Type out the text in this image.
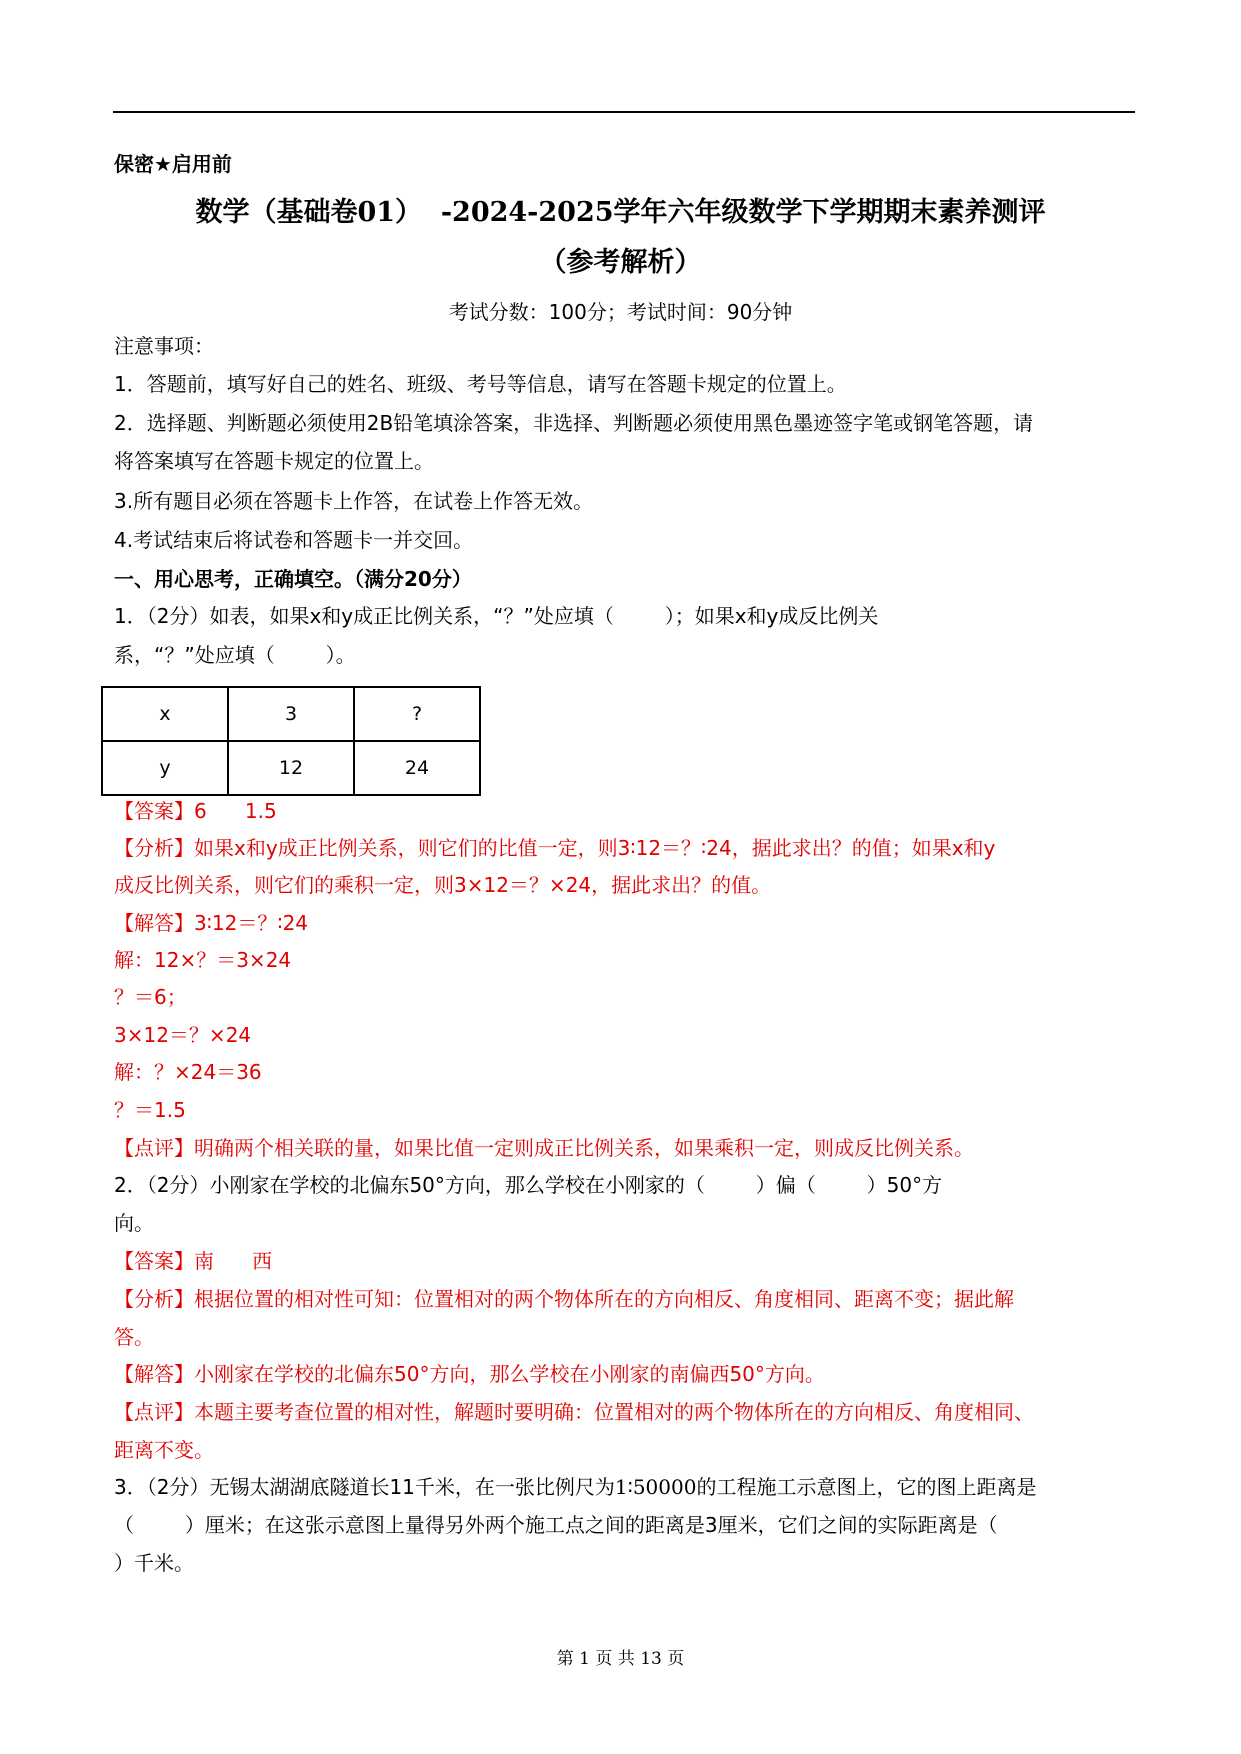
保密★启用前
数学（基础卷01）  -2024-2025学年六年级数学下学期期末素养测评
（参考解析）
考试分数：100分；考试时间：90分钟
注意事项：
1．答题前，填写好自己的姓名、班级、考号等信息，请写在答题卡规定的位置上。
2．选择题、判断题必须使用2B铅笔填涂答案，非选择、判断题必须使用黑色墨迹签字笔或钢笔答题，请
将答案填写在答题卡规定的位置上。
3.所有题目必须在答题卡上作答，在试卷上作答无效。
4.考试结束后将试卷和答题卡一并交回。
一、用心思考，正确填空。（满分20分）
1．（2分）如表，如果x和y成正比例关系，“？”处应填（        ）；如果x和y成反比例关
系，“？”处应填（        ）。
x	3	?
y	12	24
【答案】6      1.5
【分析】如果x和y成正比例关系，则它们的比值一定，则3∶12＝？∶24，据此求出？的值；如果x和y
成反比例关系，则它们的乘积一定，则3×12＝？×24，据此求出？的值。
【解答】3∶12＝？∶24
解：12×？＝3×24
？＝6；
3×12＝？×24
解：？×24＝36
？＝1.5
【点评】明确两个相关联的量，如果比值一定则成正比例关系，如果乘积一定，则成反比例关系。
2．（2分）小刚家在学校的北偏东50°方向，那么学校在小刚家的（        ）偏（        ）50°方
向。
【答案】南      西
【分析】根据位置的相对性可知：位置相对的两个物体所在的方向相反、角度相同、距离不变；据此解
答。
【解答】小刚家在学校的北偏东50°方向，那么学校在小刚家的南偏西50°方向。
【点评】本题主要考查位置的相对性，解题时要明确：位置相对的两个物体所在的方向相反、角度相同、
距离不变。
3．（2分）无锡太湖湖底隧道长11千米，在一张比例尺为1∶50000的工程施工示意图上，它的图上距离是
（        ）厘米；在这张示意图上量得另外两个施工点之间的距离是3厘米，它们之间的实际距离是（
）千米。
第 1 页 共 13 页
